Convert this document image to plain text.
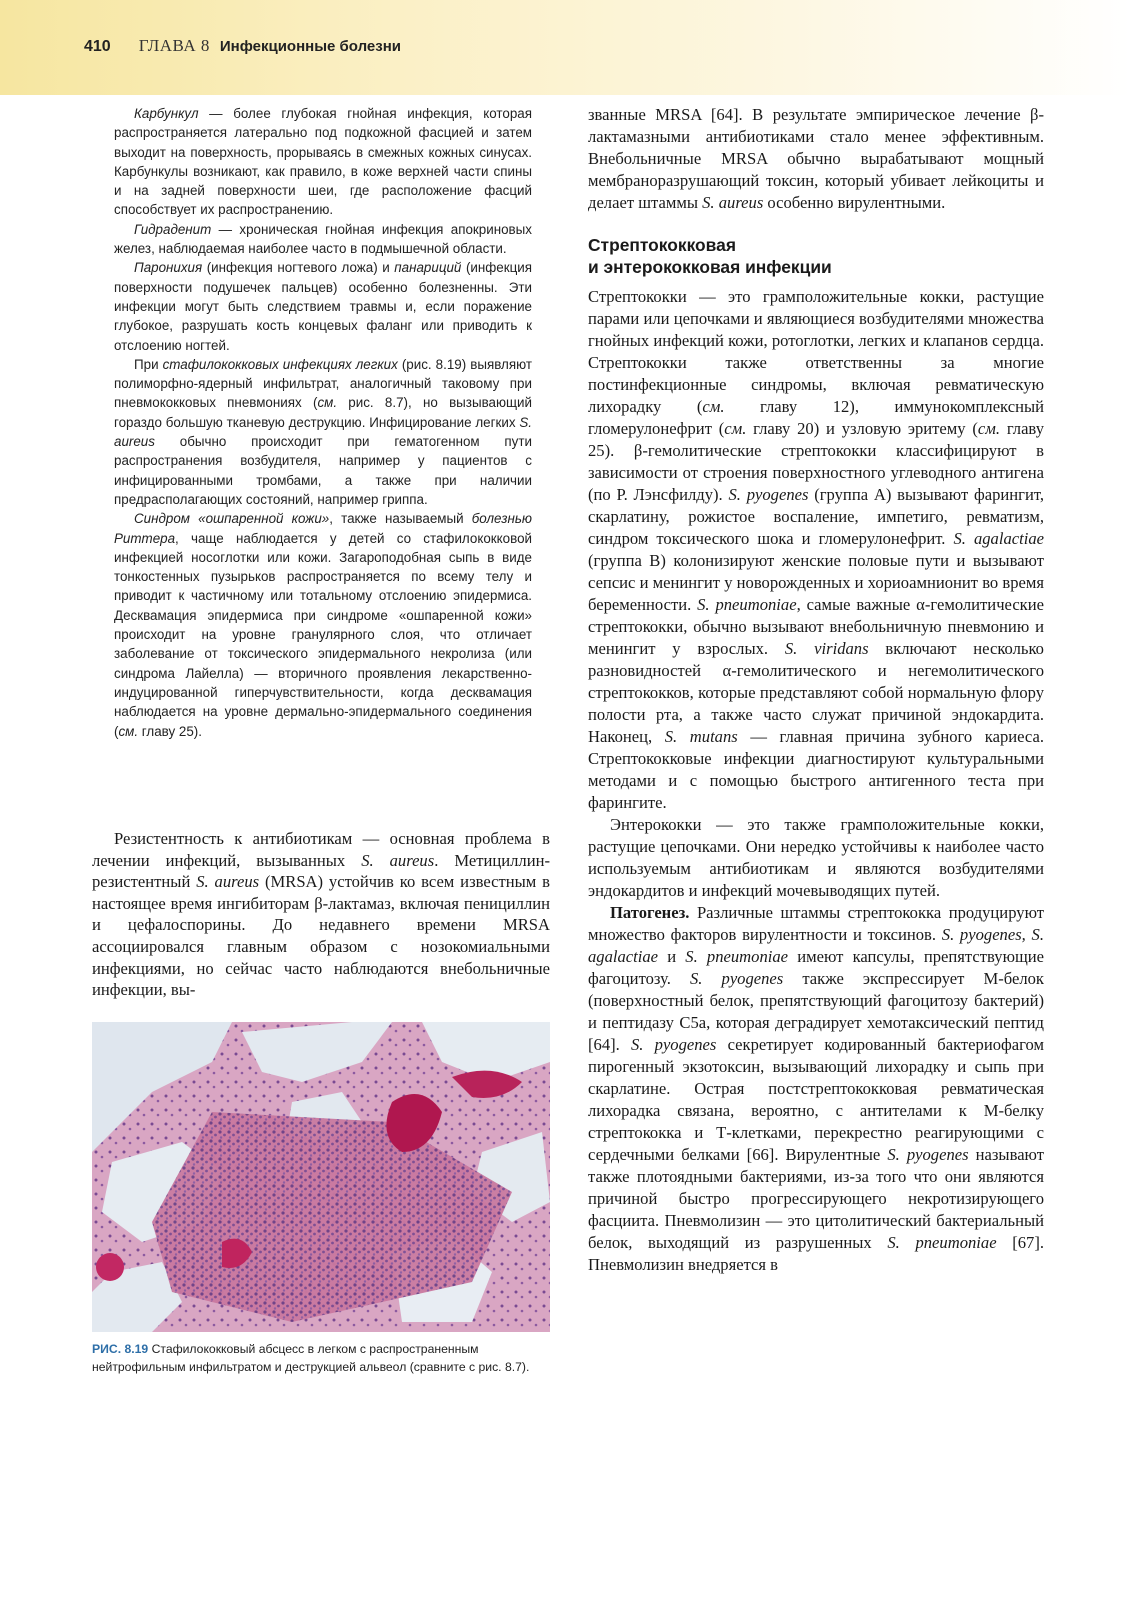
410 ГЛАВА 8 Инфекционные болезни

Карбункул — более глубокая гнойная инфекция, которая распространяется латерально под подкожной фасцией и затем выходит на поверхность, прорываясь в смежных кожных синусах. Карбункулы возникают, как правило, в коже верхней части спины и на задней поверхности шеи, где расположение фасций способствует их распространению.

Гидраденит — хроническая гнойная инфекция апокриновых желез, наблюдаемая наиболее часто в подмышечной области.

Паронихия (инфекция ногтевого ложа) и панариций (инфекция поверхности подушечек пальцев) особенно болезненны. Эти инфекции могут быть следствием травмы и, если поражение глубокое, разрушать кость концевых фаланг или приводить к отслоению ногтей.

При стафилококковых инфекциях легких (рис. 8.19) выявляют полиморфно-ядерный инфильтрат, аналогичный таковому при пневмококковых пневмониях (см. рис. 8.7), но вызывающий гораздо большую тканевую деструкцию. Инфицирование легких S. aureus обычно происходит при гематогенном пути распространения возбудителя, например у пациентов с инфицированными тромбами, а также при наличии предрасполагающих состояний, например гриппа.

Синдром «ошпаренной кожи», также называемый болезнью Риттера, чаще наблюдается у детей со стафилококковой инфекцией носоглотки или кожи. Загароподобная сыпь в виде тонкостенных пузырьков распространяется по всему телу и приводит к частичному или тотальному отслоению эпидермиса. Десквамация эпидермиса при синдроме «ошпаренной кожи» происходит на уровне гранулярного слоя, что отличает заболевание от токсического эпидермального некролиза (или синдрома Лайелла) — вторичного проявления лекарственно-индуцированной гиперчувствительности, когда десквамация наблюдается на уровне дермально-эпидермального соединения (см. главу 25).

Резистентность к антибиотикам — основная проблема в лечении инфекций, вызыванных S. aureus. Метициллин-резистентный S. aureus (MRSA) устойчив ко всем известным в настоящее время ингибиторам β-лактамаз, включая пенициллин и цефалоспорины. До недавнего времени MRSA ассоциировался главным образом с нозокомиальными инфекциями, но сейчас часто наблюдаются внебольничные инфекции, вы-

РИС. 8.19 Стафилококковый абсцесс в легком с распространенным нейтрофильным инфильтратом и деструкцией альвеол (сравните с рис. 8.7).

званные MRSA [64]. В результате эмпирическое лечение β-лактамазными антибиотиками стало менее эффективным. Внебольничные MRSA обычно вырабатывают мощный мембраноразрушающий токсин, который убивает лейкоциты и делает штаммы S. aureus особенно вирулентными.

Стрептококковая
и энтерококковая инфекции

Стрептококки — это грамположительные кокки, растущие парами или цепочками и являющиеся возбудителями множества гнойных инфекций кожи, ротоглотки, легких и клапанов сердца. Стрептококки также ответственны за многие постинфекционные синдромы, включая ревматическую лихорадку (см. главу 12), иммунокомплексный гломерулонефрит (см. главу 20) и узловую эритему (см. главу 25). β-гемолитические стрептококки классифицируют в зависимости от строения поверхностного углеводного антигена (по Р. Лэнсфилду). S. pyogenes (группа A) вызывают фарингит, скарлатину, рожистое воспаление, импетиго, ревматизм, синдром токсического шока и гломерулонефрит. S. agalactiae (группа B) колонизируют женские половые пути и вызывают сепсис и менингит у новорожденных и хориоамнионит во время беременности. S. pneumoniae, самые важные α-гемолитические стрептококки, обычно вызывают внебольничную пневмонию и менингит у взрослых. S. viridans включают несколько разновидностей α-гемолитического и негемолитического стрептококков, которые представляют собой нормальную флору полости рта, а также часто служат причиной эндокардита. Наконец, S. mutans — главная причина зубного кариеса. Стрептококковые инфекции диагностируют культуральными методами и с помощью быстрого антигенного теста при фарингите.

Энтерококки — это также грамположительные кокки, растущие цепочками. Они нередко устойчивы к наиболее часто используемым антибиотикам и являются возбудителями эндокардитов и инфекций мочевыводящих путей.

Патогенез. Различные штаммы стрептококка продуцируют множество факторов вирулентности и токсинов. S. pyogenes, S. agalactiae и S. pneumoniae имеют капсулы, препятствующие фагоцитозу. S. pyogenes также экспрессирует М-белок (поверхностный белок, препятствующий фагоцитозу бактерий) и пептидазу С5а, которая деградирует хемотаксический пептид [64]. S. pyogenes секретирует кодированный бактериофагом пирогенный экзотоксин, вызывающий лихорадку и сыпь при скарлатине. Острая постстрептококковая ревматическая лихорадка связана, вероятно, с антителами к М-белку стрептококка и Т-клетками, перекрестно реагирующими с сердечными белками [66]. Вирулентные S. pyogenes называют также плотоядными бактериями, из-за того что они являются причиной быстро прогрессирующего некротизирующего фасциита. Пневмолизин — это цитолитический бактериальный белок, выходящий из разрушенных S. pneumoniae [67]. Пневмолизин внедряется в
